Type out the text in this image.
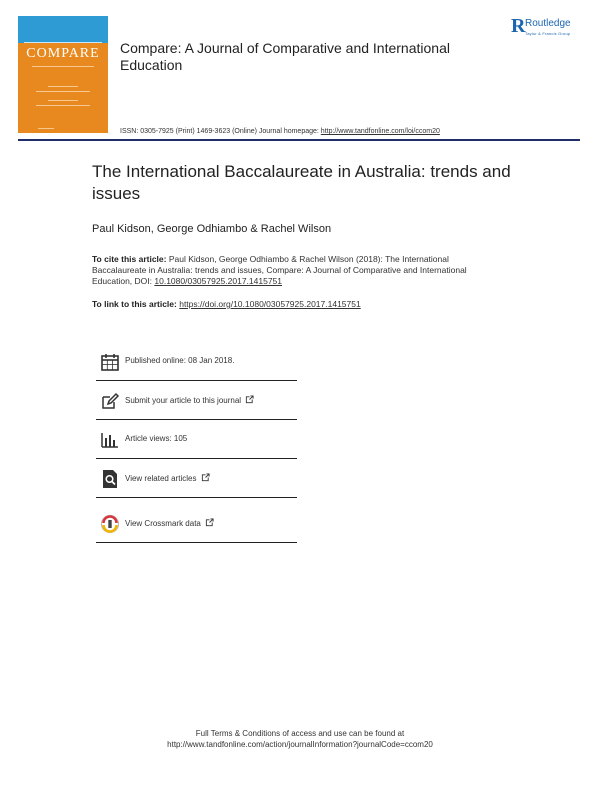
COMPARE	Compare: A Journal of Comparative and International Education
R Routledge
Taylor & Francis Group
ISSN: 0305-7925 (Print) 1469-3623 (Online) Journal homepage: http://www.tandfonline.com/loi/ccom20
The International Baccalaureate in Australia: trends and issues
Paul Kidson, George Odhiambo & Rachel Wilson
To cite this article: Paul Kidson, George Odhiambo & Rachel Wilson (2018): The International Baccalaureate in Australia: trends and issues, Compare: A Journal of Comparative and International Education, DOI: 10.1080/03057925.2017.1415751
To link to this article: https://doi.org/10.1080/03057925.2017.1415751
Published online: 08 Jan 2018.
Submit your article to this journal
Article views: 105
View related articles
View Crossmark data
Full Terms & Conditions of access and use can be found at
http://www.tandfonline.com/action/journalInformation?journalCode=ccom20
